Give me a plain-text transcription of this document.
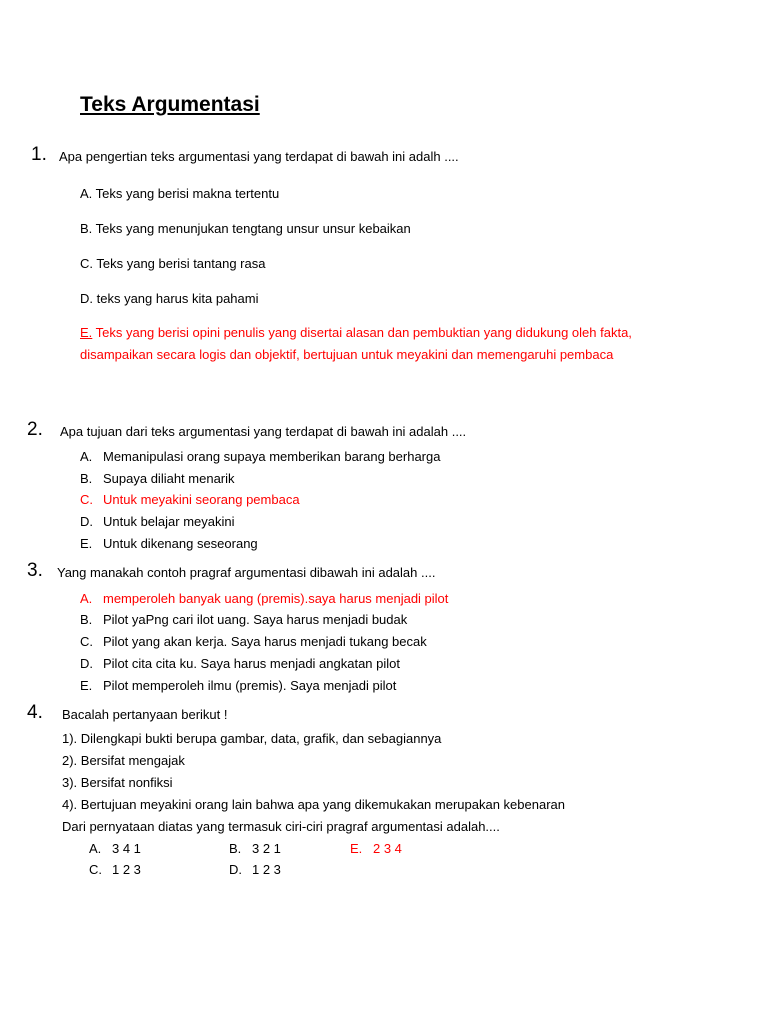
Teks Argumentasi
1. Apa pengertian teks argumentasi yang terdapat di bawah ini adalh ....
A. Teks yang berisi makna tertentu
B. Teks yang menunjukan tengtang unsur unsur kebaikan
C. Teks yang berisi tantang rasa
D. teks yang harus kita pahami
E. Teks yang berisi opini penulis yang disertai alasan dan pembuktian yang didukung oleh fakta,
disampaikan secara logis dan objektif, bertujuan untuk meyakini dan memengaruhi pembaca
2. Apa tujuan dari teks argumentasi yang terdapat di bawah ini adalah ....
A. Memanipulasi orang supaya memberikan barang berharga
B. Supaya diliaht menarik
C. Untuk meyakini seorang pembaca
D. Untuk belajar meyakini
E. Untuk dikenang seseorang
3. Yang manakah contoh pragraf argumentasi dibawah ini adalah ....
A. memperoleh banyak uang (premis).saya harus menjadi pilot
B. Pilot yaPng cari ilot uang. Saya harus menjadi budak
C. Pilot yang akan kerja. Saya harus menjadi tukang becak
D. Pilot cita cita ku. Saya harus menjadi angkatan pilot
E. Pilot memperoleh ilmu (premis). Saya menjadi pilot
4. Bacalah pertanyaan berikut !
1). Dilengkapi bukti berupa gambar, data, grafik, dan sebagiannya
2). Bersifat mengajak
3). Bersifat nonfiksi
4). Bertujuan meyakini orang lain bahwa apa yang dikemukakan merupakan kebenaran
Dari pernyataan diatas yang termasuk ciri-ciri pragraf argumentasi adalah....
A. 3 4 1	B. 3 2 1	E. 2 3 4
C. 1 2 3	D. 1 2 3
